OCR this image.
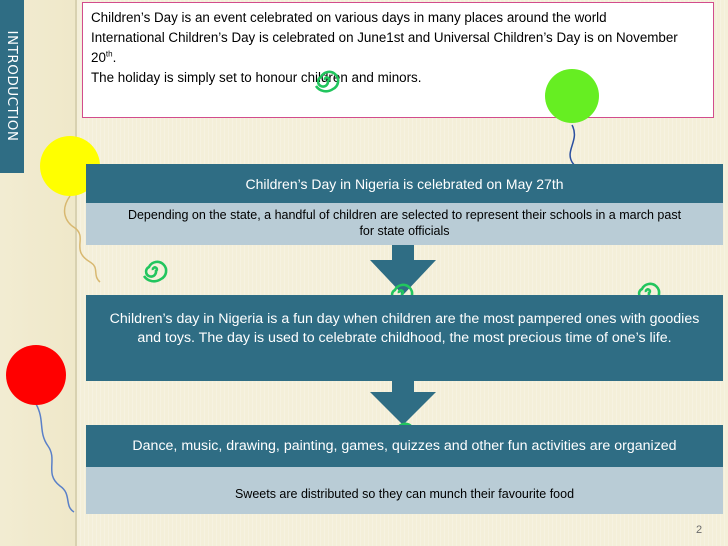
INTRODUCTION

Children’s Day is an event celebrated on various days in many places around the world

International Children’s Day is celebrated on June1st and Universal Children’s Day is on November 20th.

The holiday is simply set to honour children and minors.

Children’s Day in Nigeria is celebrated on May 27th
Depending on the state, a handful of children are selected to represent their schools in a march past for state officials
Children’s day in Nigeria is a fun day when children are the most pampered ones with goodies and toys. The day is used to celebrate childhood, the most precious time of one’s life.
Dance, music, drawing, painting, games, quizzes and other fun activities are organized
Sweets are distributed so they can munch their favourite food
2
